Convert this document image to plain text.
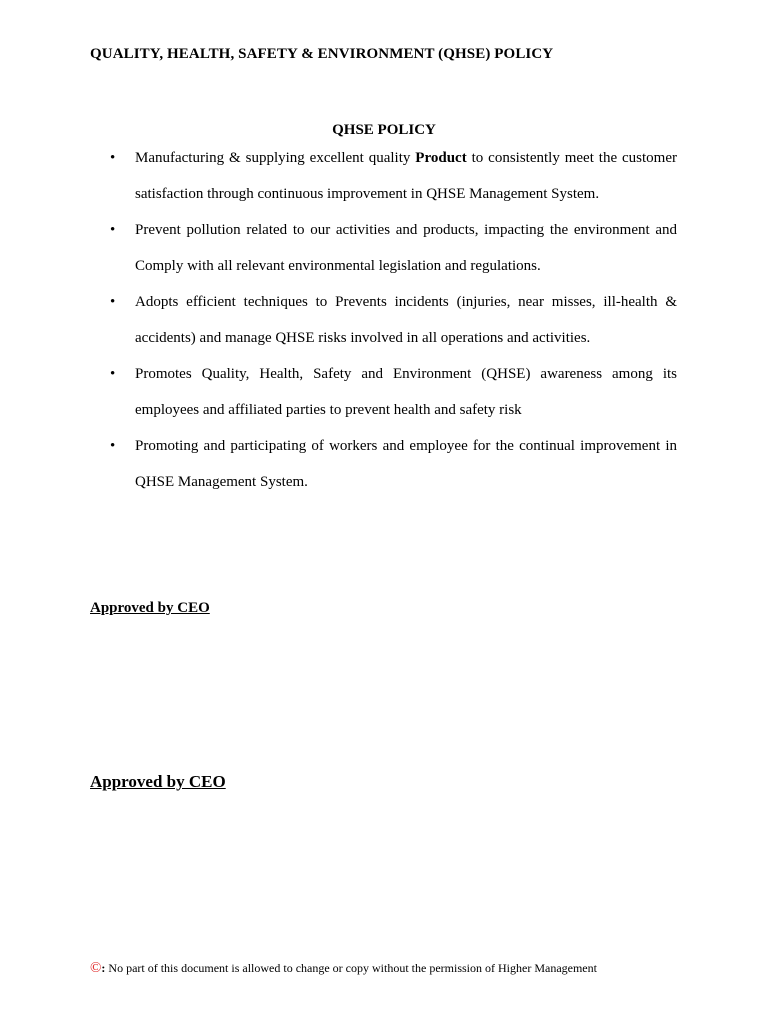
QUALITY, HEALTH, SAFETY & ENVIRONMENT (QHSE) POLICY
QHSE POLICY
• Manufacturing & supplying excellent quality Product to consistently meet the customer satisfaction through continuous improvement in QHSE Management System.
• Prevent pollution related to our activities and products, impacting the environment and Comply with all relevant environmental legislation and regulations.
• Adopts efficient techniques to Prevents incidents (injuries, near misses, ill-health & accidents) and manage QHSE risks involved in all operations and activities.
• Promotes Quality, Health, Safety and Environment (QHSE) awareness among its employees and affiliated parties to prevent health and safety risk
• Promoting and participating of workers and employee for the continual improvement in QHSE Management System.
Approved by CEO
Approved by CEO
©: No part of this document is allowed to change or copy without the permission of Higher Management
